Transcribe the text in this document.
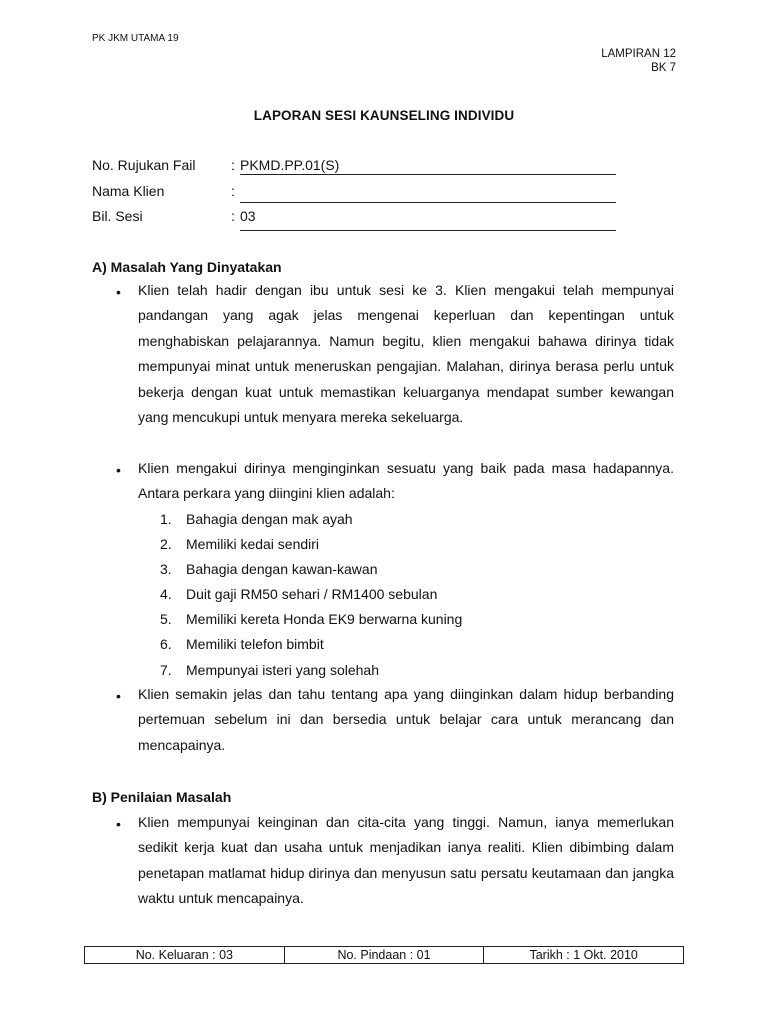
PK JKM UTAMA 19
LAMPIRAN 12
BK 7
LAPORAN SESI KAUNSELING INDIVIDU
No. Rujukan Fail	: PKMD.PP.01(S)
Nama Klien	:
Bil. Sesi	: 03
A) Masalah Yang Dinyatakan
• Klien telah hadir dengan ibu untuk sesi ke 3. Klien mengakui telah mempunyai pandangan yang agak jelas mengenai keperluan dan kepentingan untuk menghabiskan pelajarannya. Namun begitu, klien mengakui bahawa dirinya tidak mempunyai minat untuk meneruskan pengajian. Malahan, dirinya berasa perlu untuk bekerja dengan kuat untuk memastikan keluarganya mendapat sumber kewangan yang mencukupi untuk menyara mereka sekeluarga.
• Klien mengakui dirinya menginginkan sesuatu yang baik pada masa hadapannya. Antara perkara yang diingini klien adalah:
1. Bahagia dengan mak ayah
2. Memiliki kedai sendiri
3. Bahagia dengan kawan-kawan
4. Duit gaji RM50 sehari / RM1400 sebulan
5. Memiliki kereta Honda EK9 berwarna kuning
6. Memiliki telefon bimbit
7. Mempunyai isteri yang solehah
• Klien semakin jelas dan tahu tentang apa yang diinginkan dalam hidup berbanding pertemuan sebelum ini dan bersedia untuk belajar cara untuk merancang dan mencapainya.
B) Penilaian Masalah
• Klien mempunyai keinginan dan cita-cita yang tinggi. Namun, ianya memerlukan sedikit kerja kuat dan usaha untuk menjadikan ianya realiti. Klien dibimbing dalam penetapan matlamat hidup dirinya dan menyusun satu persatu keutamaan dan jangka waktu untuk mencapainya.
No. Keluaran : 03	No. Pindaan : 01	Tarikh : 1 Okt. 2010
